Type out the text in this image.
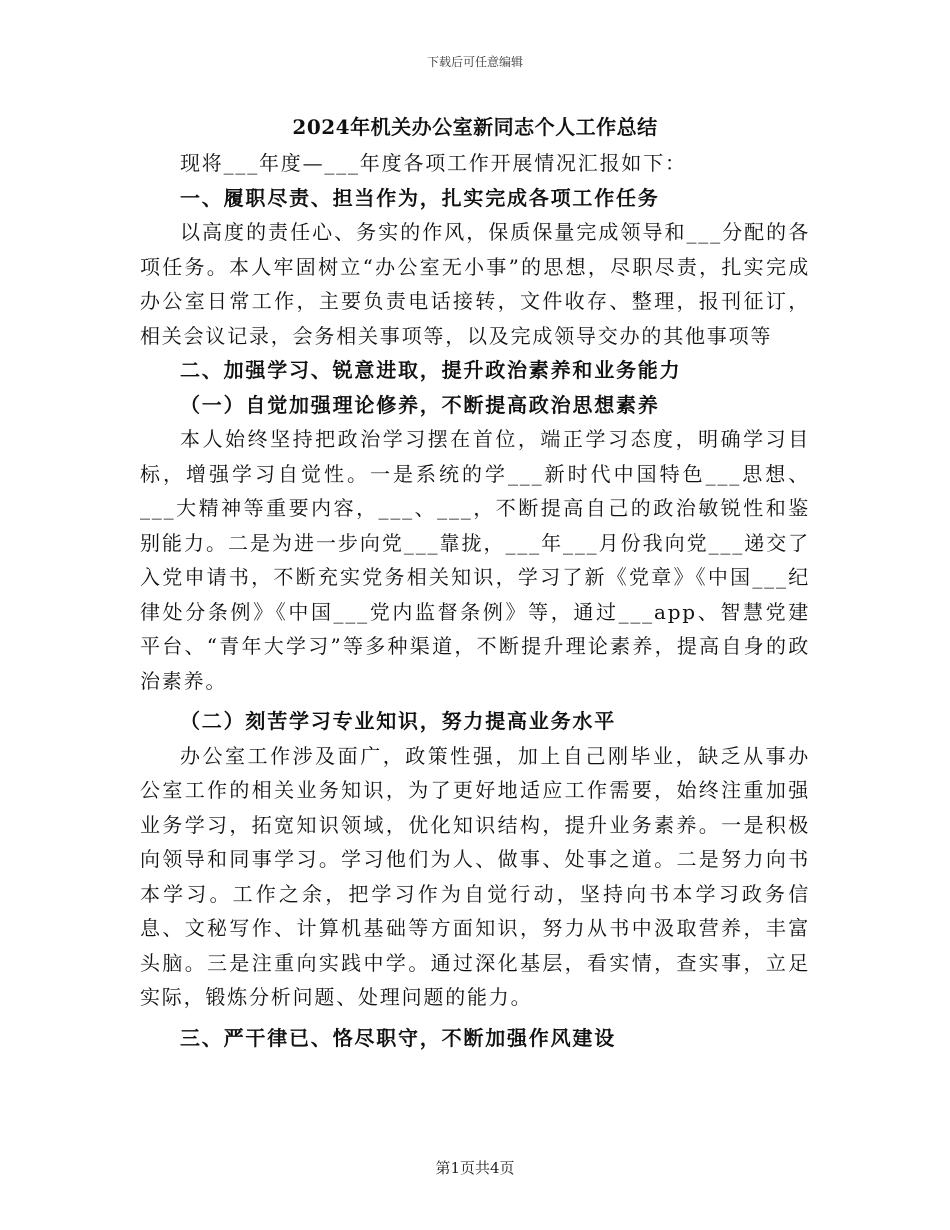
下载后可任意编辑
2024年机关办公室新同志个人工作总结

现将___年度—___年度各项工作开展情况汇报如下：

一、履职尽责、担当作为，扎实完成各项工作任务

以高度的责任心、务实的作风，保质保量完成领导和___分配的各项任务。本人牢固树立“办公室无小事”的思想，尽职尽责，扎实完成办公室日常工作，主要负责电话接转，文件收存、整理，报刊征订，相关会议记录，会务相关事项等，以及完成领导交办的其他事项等

二、加强学习、锐意进取，提升政治素养和业务能力

（一）自觉加强理论修养，不断提高政治思想素养

本人始终坚持把政治学习摆在首位，端正学习态度，明确学习目标，增强学习自觉性。一是系统的学___新时代中国特色___思想、___大精神等重要内容，___、___，不断提高自己的政治敏锐性和鉴别能力。二是为进一步向党___靠拢，___年___月份我向党___递交了入党申请书，不断充实党务相关知识，学习了新《党章》《中国___纪律处分条例》《中国___党内监督条例》等，通过___app、智慧党建平台、“青年大学习”等多种渠道，不断提升理论素养，提高自身的政治素养。

（二）刻苦学习专业知识，努力提高业务水平

办公室工作涉及面广，政策性强，加上自己刚毕业，缺乏从事办公室工作的相关业务知识，为了更好地适应工作需要，始终注重加强业务学习，拓宽知识领域，优化知识结构，提升业务素养。一是积极向领导和同事学习。学习他们为人、做事、处事之道。二是努力向书本学习。工作之余，把学习作为自觉行动，坚持向书本学习政务信息、文秘写作、计算机基础等方面知识，努力从书中汲取营养，丰富头脑。三是注重向实践中学。通过深化基层，看实情，查实事，立足实际，锻炼分析问题、处理问题的能力。

三、严干律已、恪尽职守，不断加强作风建设

第1页共4页
